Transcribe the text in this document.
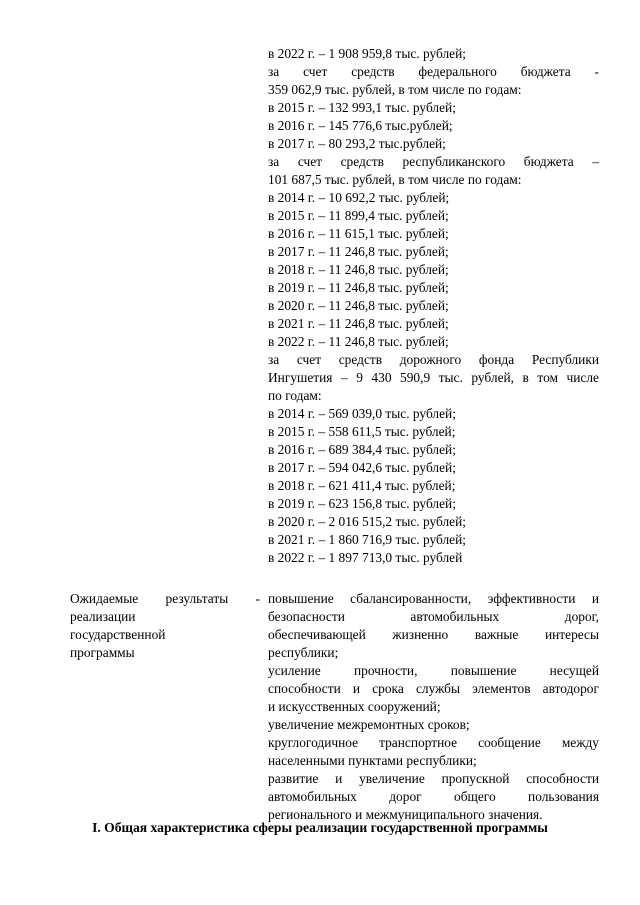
в 2022 г. – 1 908 959,8 тыс. рублей;
за счет средств федерального бюджета -
359 062,9 тыс. рублей, в том числе по годам:
в 2015 г. – 132 993,1 тыс. рублей;
в 2016 г. – 145 776,6 тыс.рублей;
в 2017 г. – 80 293,2 тыс.рублей;
за счет средств республиканского бюджета –
101 687,5 тыс. рублей, в том числе по годам:
в 2014 г. – 10 692,2 тыс. рублей;
в 2015 г. – 11 899,4 тыс. рублей;
в 2016 г. – 11 615,1 тыс. рублей;
в 2017 г. – 11 246,8 тыс. рублей;
в 2018 г. – 11 246,8 тыс. рублей;
в 2019 г. – 11 246,8 тыс. рублей;
в 2020 г. – 11 246,8 тыс. рублей;
в 2021 г. – 11 246,8 тыс. рублей;
в 2022 г. – 11 246,8 тыс. рублей;
за счет средств дорожного фонда Республики
Ингушетия – 9 430 590,9 тыс. рублей, в том числе
по годам:
в 2014 г. – 569 039,0 тыс. рублей;
в 2015 г. – 558 611,5 тыс. рублей;
в 2016 г. – 689 384,4 тыс. рублей;
в 2017 г. – 594 042,6 тыс. рублей;
в 2018 г. – 621 411,4 тыс. рублей;
в 2019 г. – 623 156,8 тыс. рублей;
в 2020 г. – 2 016 515,2 тыс. рублей;
в 2021 г. – 1 860 716,9 тыс. рублей;
в 2022 г. – 1 897 713,0 тыс. рублей
Ожидаемые результаты -
реализации
государственной
программы
повышение сбалансированности, эффективности и
безопасности автомобильных дорог,
обеспечивающей жизненно важные интересы
республики;
усиление прочности, повышение несущей
способности и срока службы элементов автодорог
и искусственных сооружений;
увеличение межремонтных сроков;
круглогодичное транспортное сообщение между
населенными пунктами республики;
развитие и увеличение пропускной способности
автомобильных дорог общего пользования
регионального и межмуниципального значения.
I. Общая характеристика сферы реализации государственной программы
